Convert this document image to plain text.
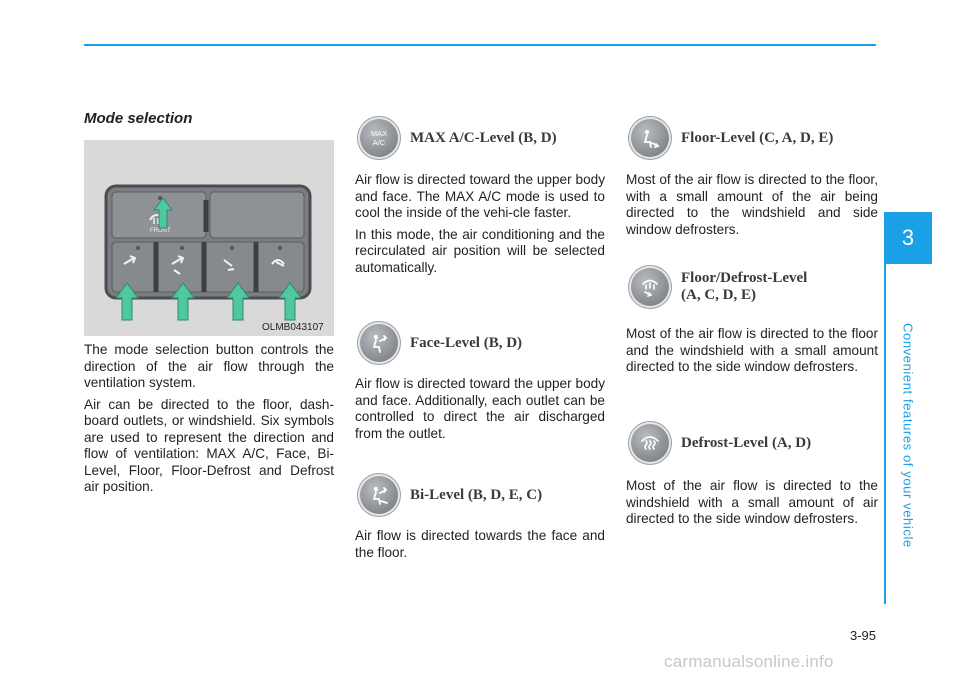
3
Convenient features of your vehicle
Mode selection
FRONT
OLMB043107

The mode selection button controls the direction of the air flow through the ventilation system.

Air can be directed to the floor, dash-board outlets, or windshield. Six symbols are used to represent the direction and flow of ventilation: MAX A/C, Face, Bi-Level, Floor, Floor-Defrost and Defrost air position.

MAX
A/C MAX A/C-Level (B, D)

Air flow is directed toward the upper body and face. The MAX A/C mode is used to cool the inside of the vehi-cle faster.

In this mode, the air conditioning and the recirculated air position will be selected automatically.

Face-Level (B, D)

Air flow is directed toward the upper body and face. Additionally, each outlet can be controlled to direct the air discharged from the outlet.

Bi-Level (B, D, E, C)

Air flow is directed towards the face and the floor.

Floor-Level (C, A, D, E)

Most of the air flow is directed to the floor, with a small amount of the air being directed to the windshield and side window defrosters.

Floor/Defrost-Level
(A, C, D, E)

Most of the air flow is directed to the floor and the windshield with a small amount directed to the side window defrosters.

Defrost-Level (A, D)

Most of the air flow is directed to the windshield with a small amount of air directed to the side window defrosters.

3-95
carmanualsonline.info
